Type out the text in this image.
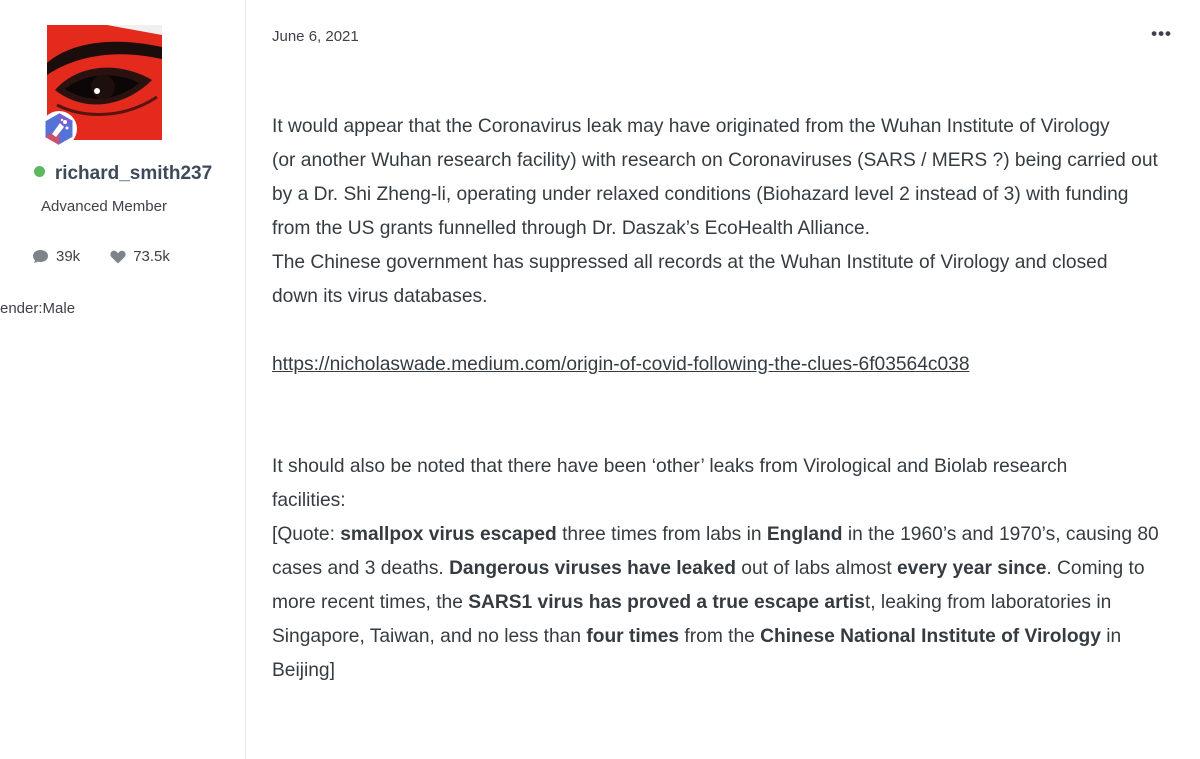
richard_smith237
Advanced Member
39k	73.5k
ender:Male
June 6, 2021	•••

It would appear that the Coronavirus leak may have originated from the Wuhan Institute of Virology
(or another Wuhan research facility) with research on Coronaviruses (SARS / MERS ?) being carried out
by a Dr. Shi Zheng-li, operating under relaxed conditions (Biohazard level 2 instead of 3) with funding
from the US grants funnelled through Dr. Daszak’s EcoHealth Alliance.
The Chinese government has suppressed all records at the Wuhan Institute of Virology and closed
down its virus databases.

https://nicholaswade.medium.com/origin-of-covid-following-the-clues-6f03564c038

It should also be noted that there have been ‘other’ leaks from Virological and Biolab research
facilities:
[Quote: smallpox virus escaped three times from labs in England in the 1960’s and 1970’s, causing 80 cases and 3 deaths. Dangerous viruses have leaked out of labs almost every year since. Coming to more recent times, the SARS1 virus has proved a true escape artist, leaking from laboratories in Singapore, Taiwan, and no less than four times from the Chinese National Institute of Virology in Beijing]
